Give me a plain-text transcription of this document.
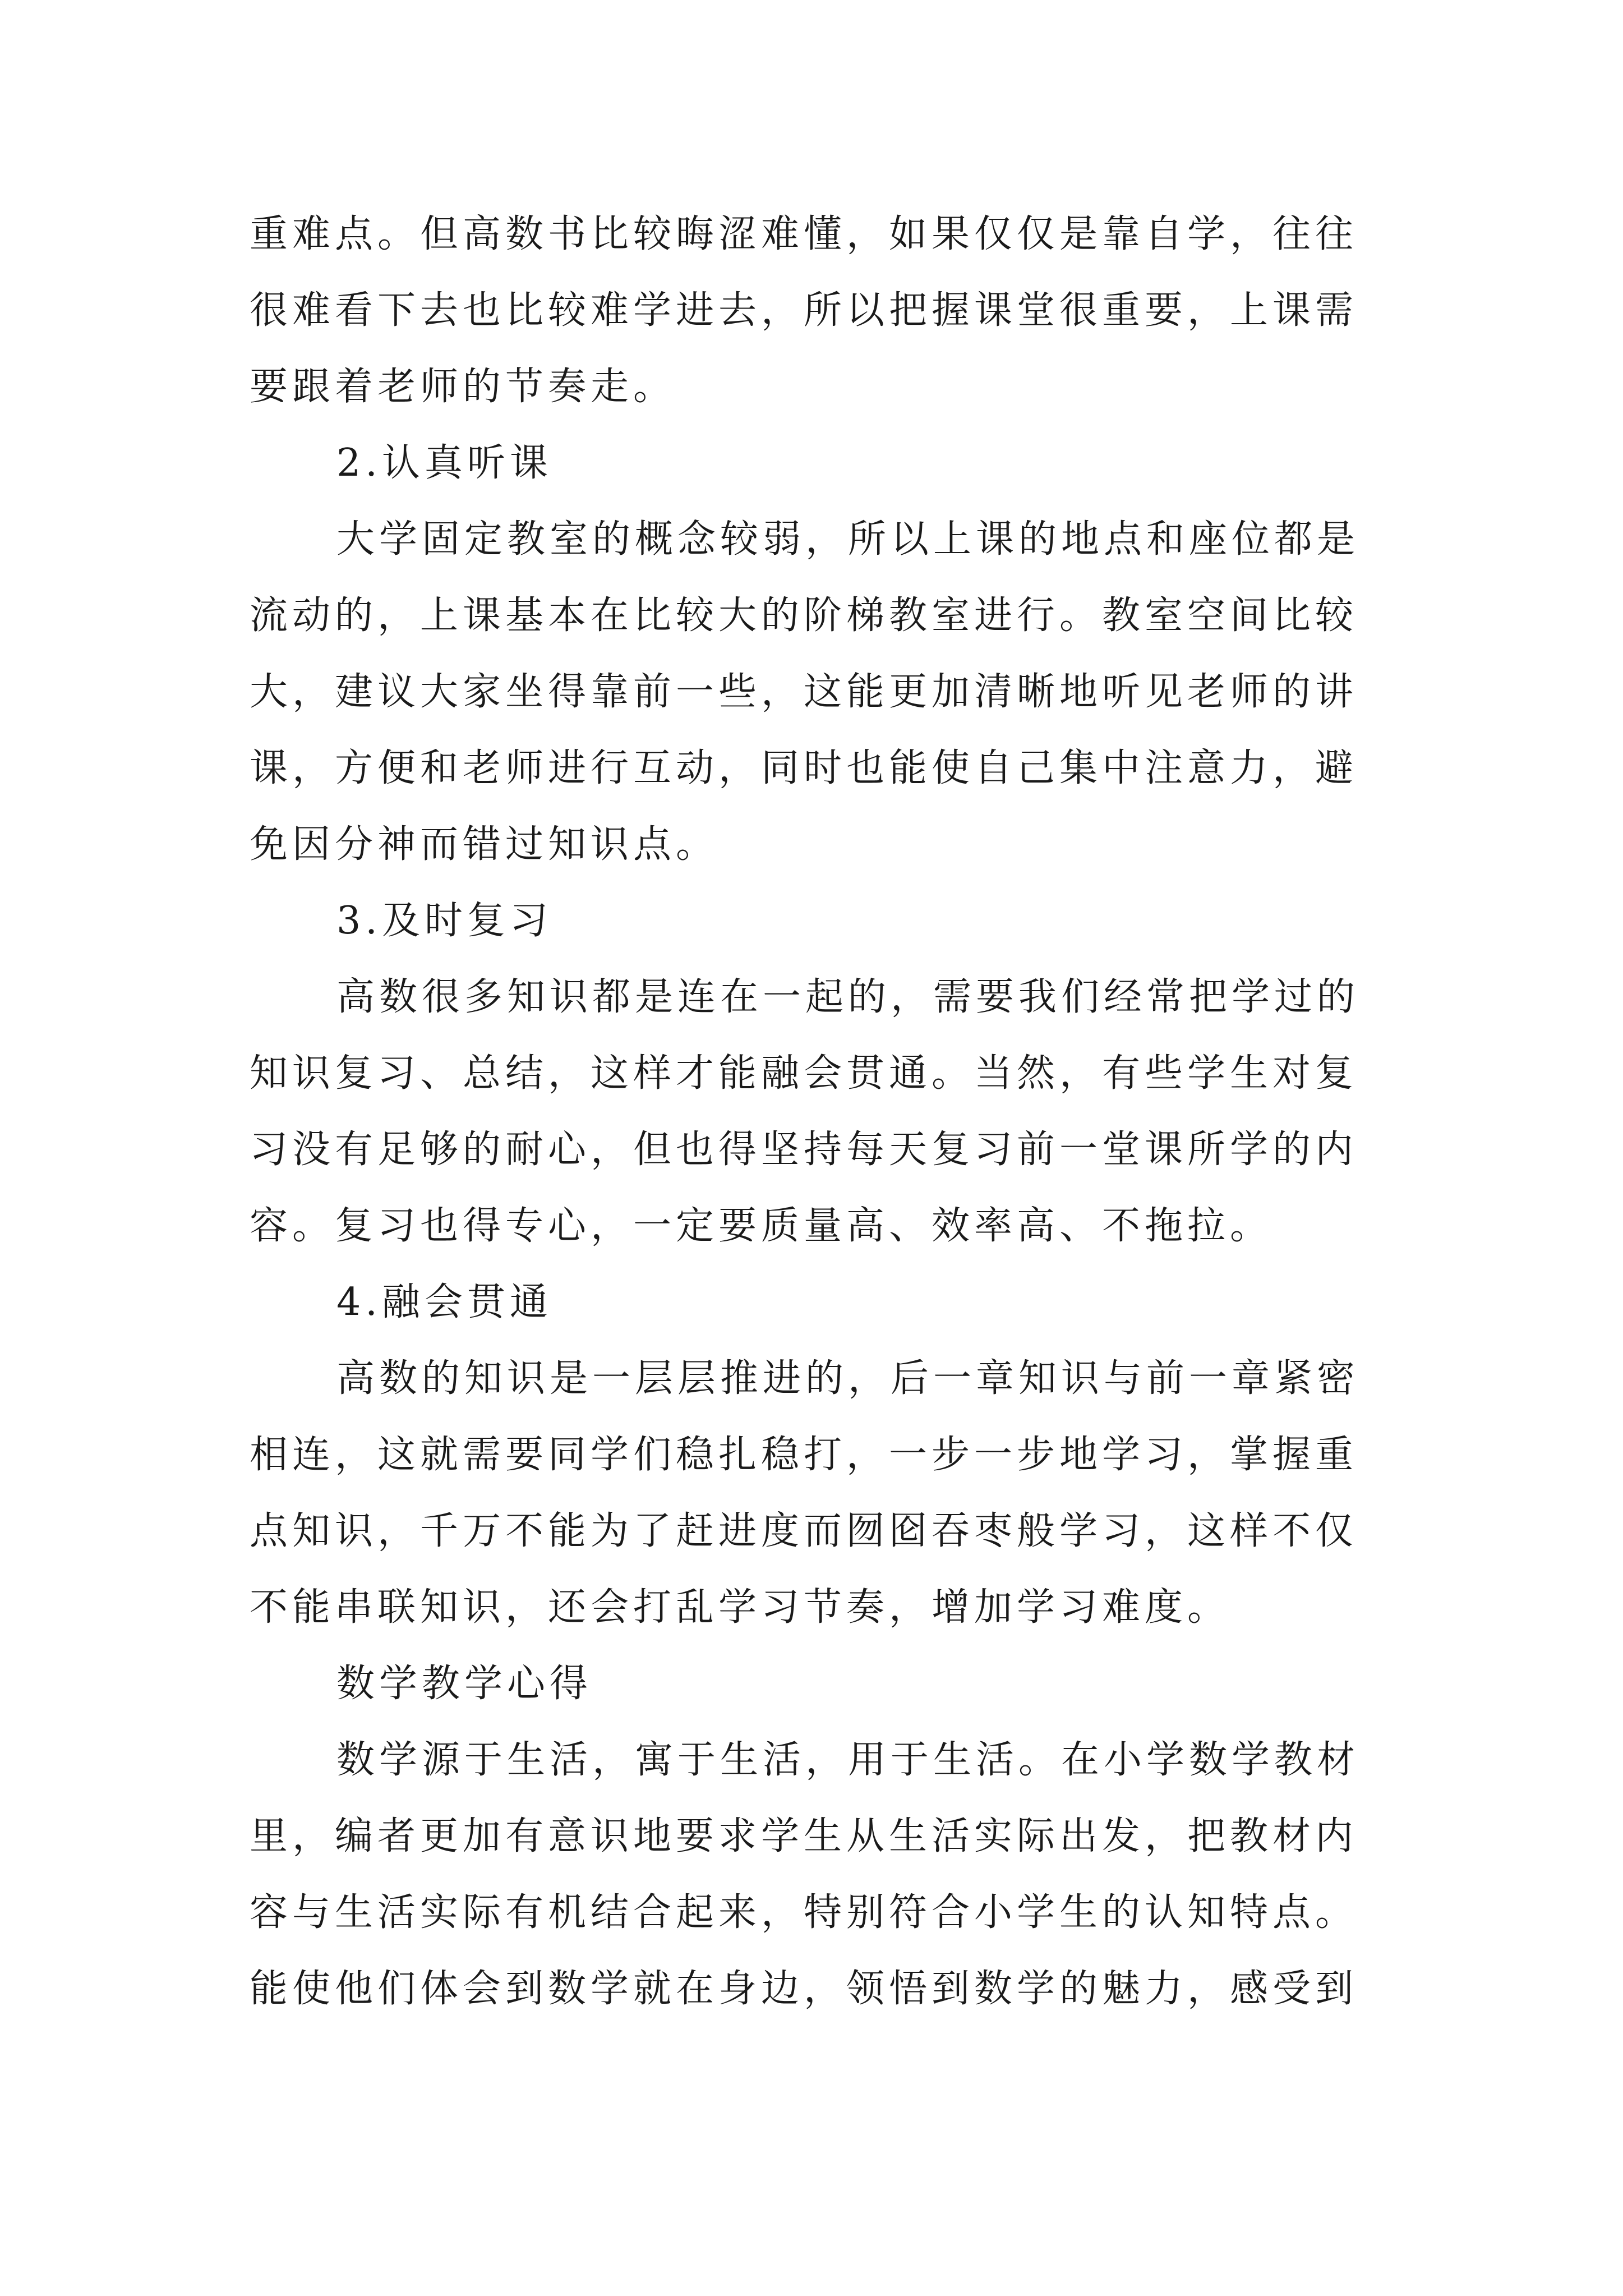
重难点。但高数书比较晦涩难懂，如果仅仅是靠自学，往往
很难看下去也比较难学进去，所以把握课堂很重要，上课需
要跟着老师的节奏走。
2.认真听课
大学固定教室的概念较弱，所以上课的地点和座位都是
流动的，上课基本在比较大的阶梯教室进行。教室空间比较
大，建议大家坐得靠前一些，这能更加清晰地听见老师的讲
课，方便和老师进行互动，同时也能使自己集中注意力，避
免因分神而错过知识点。
3.及时复习
高数很多知识都是连在一起的，需要我们经常把学过的
知识复习、总结，这样才能融会贯通。当然，有些学生对复
习没有足够的耐心，但也得坚持每天复习前一堂课所学的内
容。复习也得专心，一定要质量高、效率高、不拖拉。
4.融会贯通
高数的知识是一层层推进的，后一章知识与前一章紧密
相连，这就需要同学们稳扎稳打，一步一步地学习，掌握重
点知识，千万不能为了赶进度而囫囵吞枣般学习，这样不仅
不能串联知识，还会打乱学习节奏，增加学习难度。
数学教学心得
数学源于生活，寓于生活，用于生活。在小学数学教材
里，编者更加有意识地要求学生从生活实际出发，把教材内
容与生活实际有机结合起来，特别符合小学生的认知特点。
能使他们体会到数学就在身边，领悟到数学的魅力，感受到
